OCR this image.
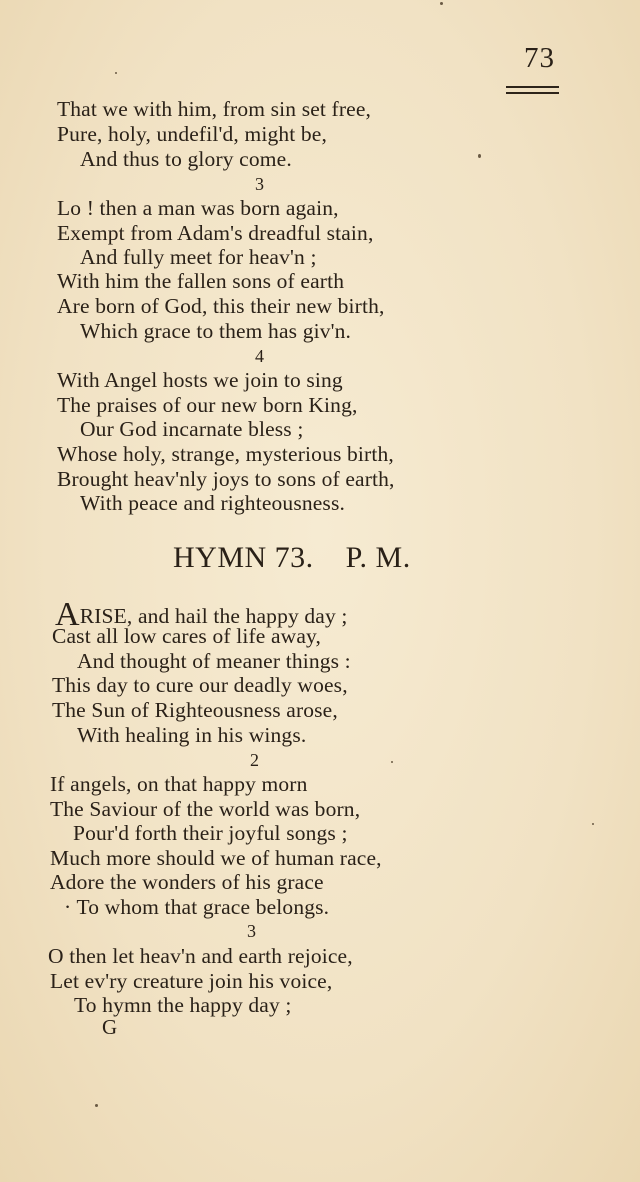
73
That we with him, from sin set free,
Pure, holy, undefil'd, might be,
And thus to glory come.
3
Lo ! then a man was born again,
Exempt from Adam's dreadful stain,
And fully meet for heav'n ;
With him the fallen sons of earth
Are born of God, this their new birth,
Which grace to them has giv'n.
4
With Angel hosts we join to sing
The praises of our new born King,
Our God incarnate bless ;
Whose holy, strange, mysterious birth,
Brought heav'nly joys to sons of earth,
With peace and righteousness.
HYMN 73.    P. M.
ARISE, and hail the happy day ;
Cast all low cares of life away,
And thought of meaner things :
This day to cure our deadly woes,
The Sun of Righteousness arose,
With healing in his wings.
2
If angels, on that happy morn
The Saviour of the world was born,
Pour'd forth their joyful songs ;
Much more should we of human race,
Adore the wonders of his grace
· To whom that grace belongs.
3
O then let heav'n and earth rejoice,
Let ev'ry creature join his voice,
To hymn the happy day ;
G
